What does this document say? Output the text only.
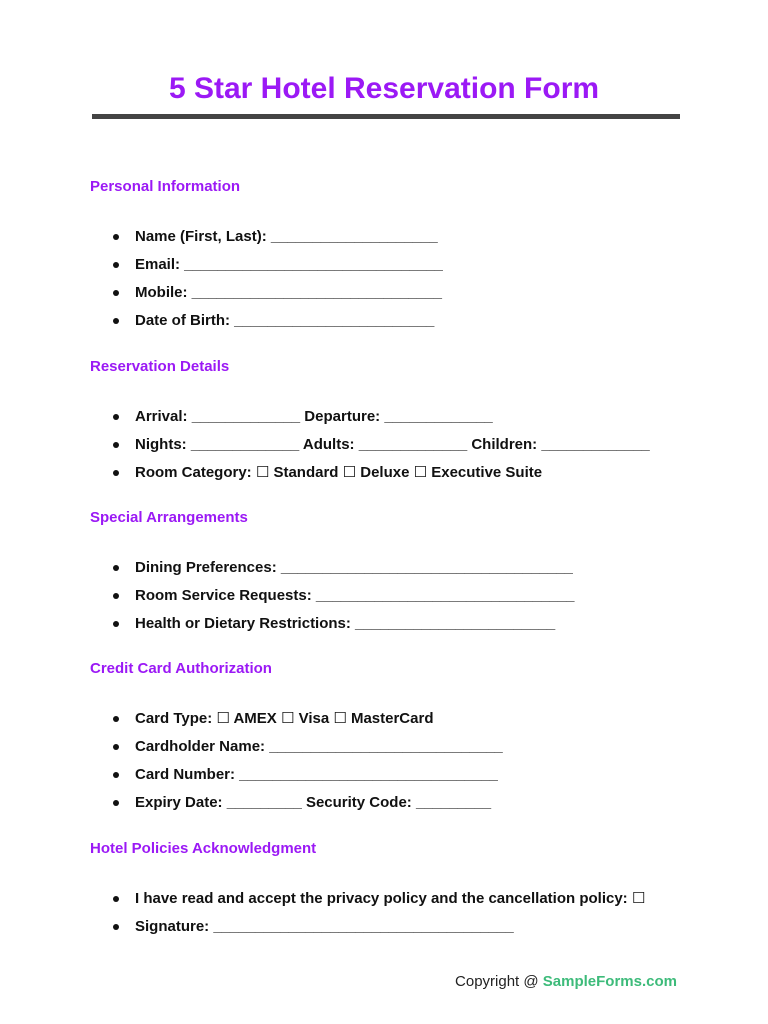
5 Star Hotel Reservation Form
Personal Information
Name (First, Last): ____________________
Email: _______________________________
Mobile: ______________________________
Date of Birth: ________________________
Reservation Details
Arrival: _____________ Departure: _____________
Nights: _____________ Adults: _____________ Children: _____________
Room Category: ☐ Standard ☐ Deluxe ☐ Executive Suite
Special Arrangements
Dining Preferences: ___________________________________
Room Service Requests: _______________________________
Health or Dietary Restrictions: ________________________
Credit Card Authorization
Card Type: ☐ AMEX ☐ Visa ☐ MasterCard
Cardholder Name: ____________________________
Card Number: _______________________________
Expiry Date: _________ Security Code: _________
Hotel Policies Acknowledgment
I have read and accept the privacy policy and the cancellation policy: ☐
Signature: ____________________________________
Copyright @ SampleForms.com
